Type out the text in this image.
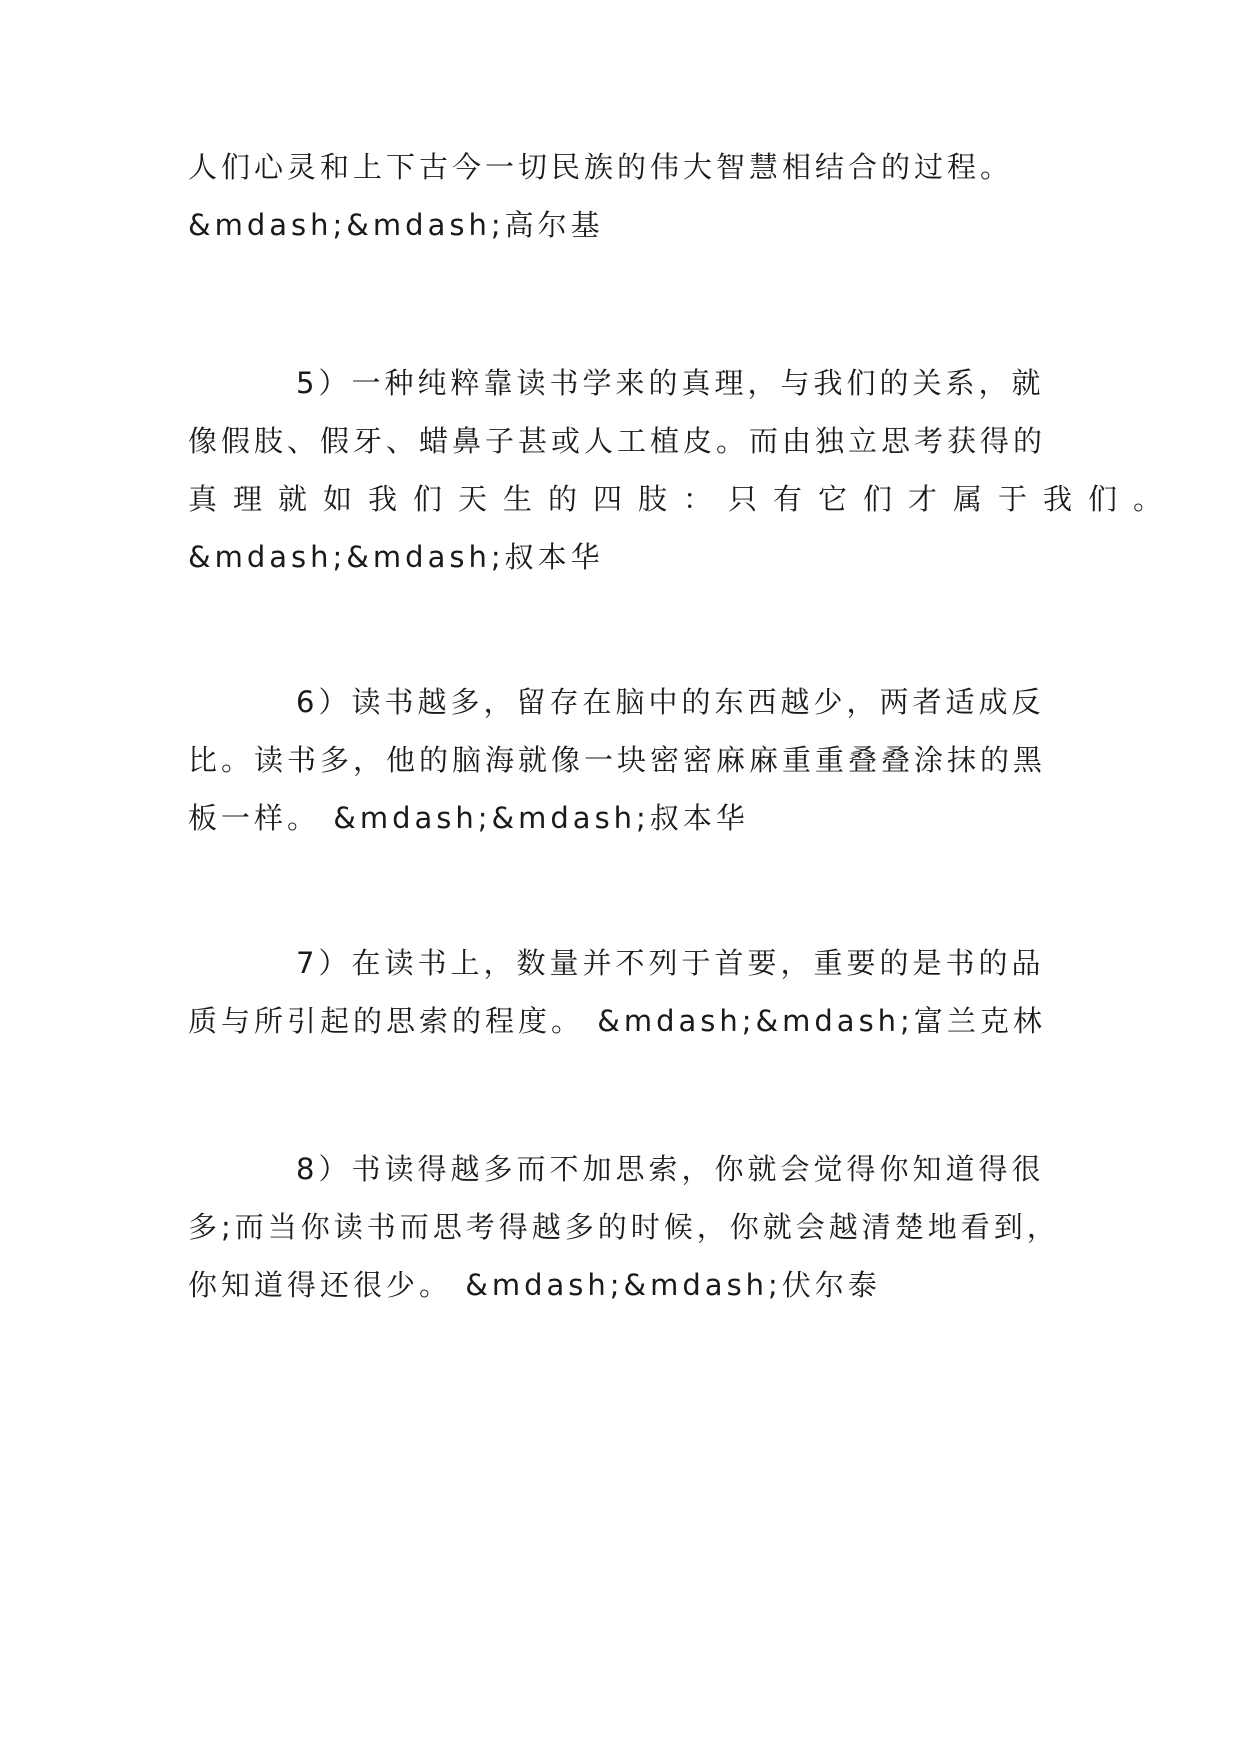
人们心灵和上下古今一切民族的伟大智慧相结合的过程。
&mdash;&mdash;高尔基
5）一种纯粹靠读书学来的真理，与我们的关系，就
像假肢、假牙、蜡鼻子甚或人工植皮。而由独立思考获得的
真理就如我们天生的四肢：只有它们才属于我们。
&mdash;&mdash;叔本华
6）读书越多，留存在脑中的东西越少，两者适成反
比。读书多，他的脑海就像一块密密麻麻重重叠叠涂抹的黑
板一样。 &mdash;&mdash;叔本华
7）在读书上，数量并不列于首要，重要的是书的品
质与所引起的思索的程度。 &mdash;&mdash;富兰克林
8）书读得越多而不加思索，你就会觉得你知道得很
多;而当你读书而思考得越多的时候，你就会越清楚地看到，
你知道得还很少。 &mdash;&mdash;伏尔泰
